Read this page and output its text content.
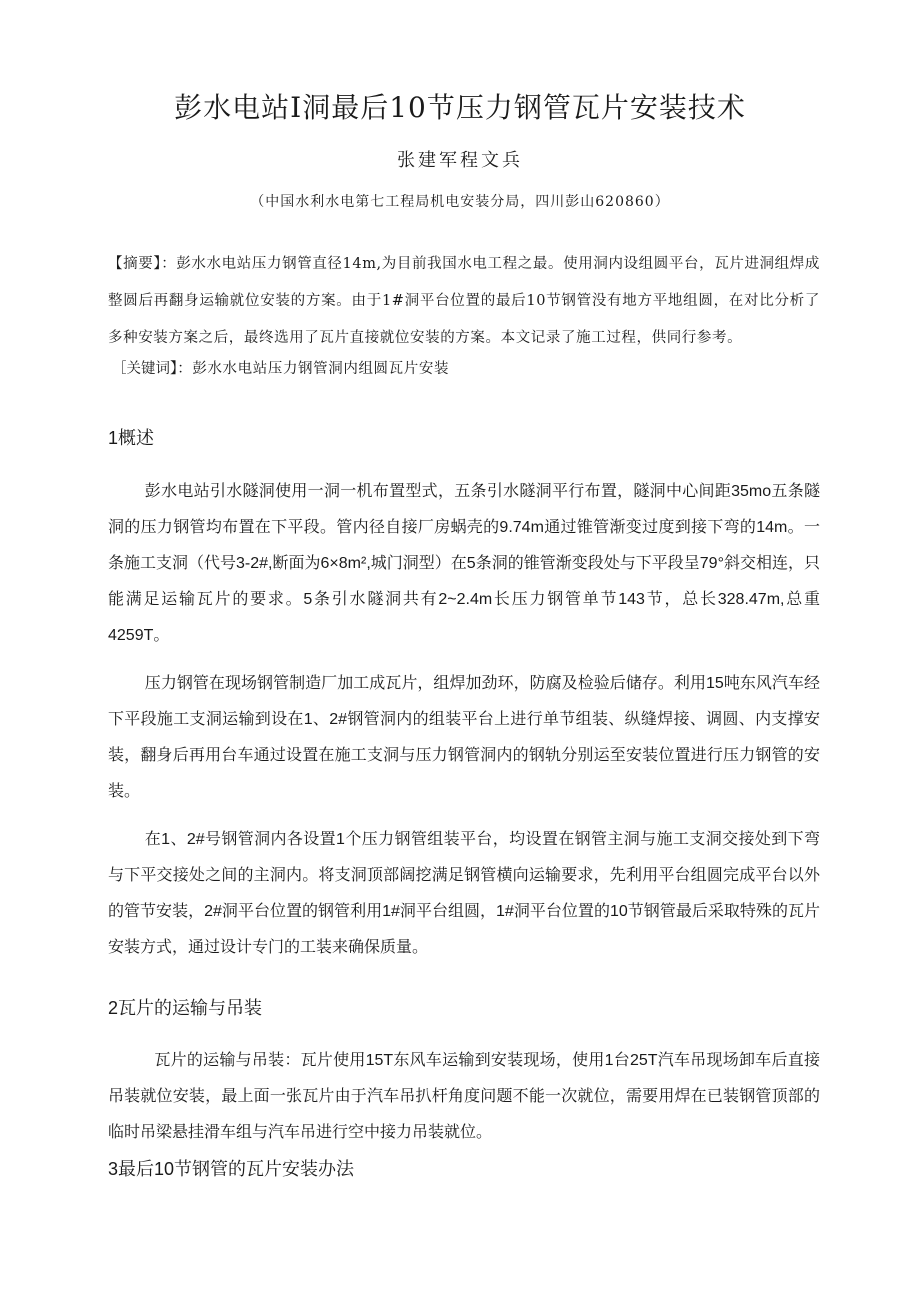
彭水电站I洞最后10节压力钢管瓦片安装技术
张建军程文兵
（中国水利水电第七工程局机电安装分局，四川彭山620860）

【摘要】：彭水水电站压力钢管直径14m,为目前我国水电工程之最。使用洞内设组圆平台，瓦片进洞组焊成整圆后再翻身运输就位安装的方案。由于1#洞平台位置的最后10节钢管没有地方平地组圆，在对比分析了多种安装方案之后，最终选用了瓦片直接就位安装的方案。本文记录了施工过程，供同行参考。

［关键词】：彭水水电站压力钢管洞内组圆瓦片安装

1概述

彭水电站引水隧洞使用一洞一机布置型式，五条引水隧洞平行布置，隧洞中心间距35mo五条隧洞的压力钢管均布置在下平段。管内径自接厂房蜗壳的9.74m通过锥管渐变过度到接下弯的14m。一条施工支洞（代号3-2#,断面为6×8m²,城门洞型）在5条洞的锥管渐变段处与下平段呈79°斜交相连，只能满足运输瓦片的要求。5条引水隧洞共有2~2.4m长压力钢管单节143节，总长328.47m,总重4259T。

压力钢管在现场钢管制造厂加工成瓦片，组焊加劲环，防腐及检验后储存。利用15吨东风汽车经下平段施工支洞运输到设在1、2#钢管洞内的组装平台上进行单节组装、纵缝焊接、调圆、内支撑安装，翻身后再用台车通过设置在施工支洞与压力钢管洞内的钢轨分别运至安装位置进行压力钢管的安装。

在1、2#号钢管洞内各设置1个压力钢管组装平台，均设置在钢管主洞与施工支洞交接处到下弯与下平交接处之间的主洞内。将支洞顶部阔挖满足钢管横向运输要求，先利用平台组圆完成平台以外的管节安装，2#洞平台位置的钢管利用1#洞平台组圆，1#洞平台位置的10节钢管最后采取特殊的瓦片安装方式，通过设计专门的工装来确保质量。

2瓦片的运输与吊装

瓦片的运输与吊装：瓦片使用15T东风车运输到安装现场，使用1台25T汽车吊现场卸车后直接吊装就位安装，最上面一张瓦片由于汽车吊扒杆角度问题不能一次就位，需要用焊在已装钢管顶部的临时吊梁悬挂滑车组与汽车吊进行空中接力吊装就位。

3最后10节钢管的瓦片安装办法
